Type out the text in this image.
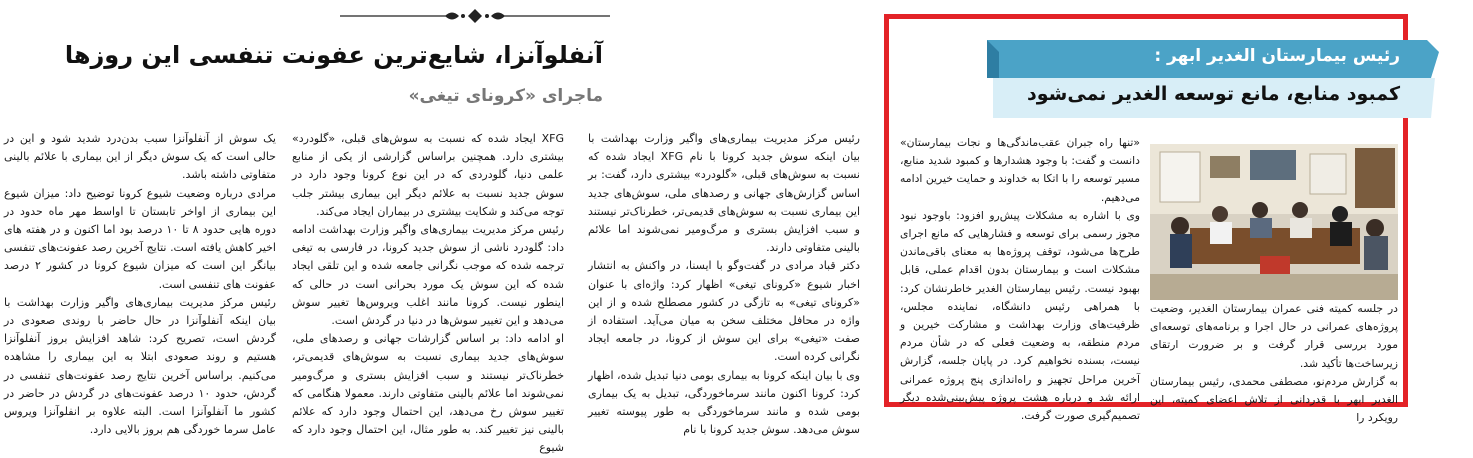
آنفلوآنزا، شایع‌ترین عفونت تنفسی این روزها
ماجرای «کرونای تیغی»

رئیس مرکز مدیریت بیماری‌های واگیر وزارت بهداشت با بیان اینکه سوش جدید کرونا با نام XFG ایجاد شده که نسبت به سوش‌های قبلی، «گلودرد» بیشتری دارد، گفت: بر اساس گزارش‌های جهانی و رصدهای ملی، سوش‌های جدید این بیماری نسبت به سوش‌های قدیمی‌تر، خطرناک‌تر نیستند و سبب افزایش بستری و مرگ‌ومیر نمی‌شوند اما علائم بالینی متفاوتی دارند.

دکتر قباد مرادی در گفت‌وگو با ایسنا، در واکنش به انتشار اخبار شیوع «کرونای تیغی» اظهار کرد: واژه‌ای با عنوان «کرونای تیغی» به تازگی در کشور مصطلح شده و از این واژه در محافل مختلف سخن به میان می‌آید. استفاده از صفت «تیغی» برای این سوش از کرونا، در جامعه ایجاد نگرانی کرده است.

وی با بیان اینکه کرونا به بیماری بومی دنیا تبدیل شده، اظهار کرد: کرونا اکنون مانند سرماخوردگی، تبدیل به یک بیماری بومی شده و مانند سرماخوردگی به طور پیوسته تغییر سوش می‌دهد. سوش جدید کرونا با نام

XFG ایجاد شده که نسبت به سوش‌های قبلی، «گلودرد» بیشتری دارد. همچنین براساس گزارشی از یکی از منابع علمی دنیا، گلودردی که در این نوع کرونا وجود دارد در سوش جدید نسبت به علائم دیگر این بیماری بیشتر جلب توجه می‌کند و شکایت بیشتری در بیماران ایجاد می‌کند.

رئیس مرکز مدیریت بیماری‌های واگیر وزارت بهداشت ادامه داد: گلودرد ناشی از سوش جدید کرونا، در فارسی به تیغی ترجمه شده که موجب نگرانی جامعه شده و این تلقی ایجاد شده که این سوش یک مورد بحرانی است در حالی که اینطور نیست. کرونا مانند اغلب ویروس‌ها تغییر سوش می‌دهد و این تغییر سوش‌ها در دنیا در گردش است.

او ادامه داد: بر اساس گزارشات جهانی و رصدهای ملی، سوش‌های جدید بیماری نسبت به سوش‌های قدیمی‌تر، خطرناک‌تر نیستند و سبب افزایش بستری و مرگ‌ومیر نمی‌شوند اما علائم بالینی متفاوتی دارند. معمولا هنگامی که تغییر سوش رخ می‌دهد، این احتمال وجود دارد که علائم بالینی نیز تغییر کند. به طور مثال، این احتمال وجود دارد که شیوع

یک سوش از آنفلوآنزا سبب بدن‌درد شدید شود و این در حالی است که یک سوش دیگر از این بیماری با علائم بالینی متفاوتی داشته باشد.

مرادی درباره وضعیت شیوع کرونا توضیح داد: میزان شیوع این بیماری از اواخر تابستان تا اواسط مهر ماه حدود در دوره هایی حدود ۸ تا ۱۰ درصد بود اما اکنون و در هفته های اخیر کاهش یافته است. نتایج آخرین رصد عفونت‌های تنفسی بیانگر این است که میزان شیوع کرونا در کشور ۲ درصد عفونت های تنفسی است.

رئیس مرکز مدیریت بیماری‌های واگیر وزارت بهداشت با بیان اینکه آنفلوآنزا در حال حاضر با روندی صعودی در گردش است، تصریح کرد: شاهد افزایش بروز آنفلوآنزا هستیم و روند صعودی ابتلا به این بیماری را مشاهده می‌کنیم. براساس آخرین نتایج رصد عفونت‌های تنفسی در گردش، حدود ۱۰ درصد عفونت‌های در گردش در حاضر در کشور ما آنفلوآنزا است. البته علاوه بر انفلوآنزا ویروس عامل سرما خوردگی هم بروز بالایی دارد.

رئیس بیمارستان الغدیر ابهر :
کمبود منابع، مانع توسعه الغدیر نمی‌شود

«تنها راه جبران عقب‌ماندگی‌ها و نجات بیمارستان» دانست و گفت: با وجود هشدارها و کمبود شدید منابع، مسیر توسعه را با اتکا به خداوند و حمایت خیرین ادامه می‌دهیم.

وی با اشاره به مشکلات پیش‌رو افزود: باوجود نبود مجوز رسمی برای توسعه و فشارهایی که مانع اجرای طرح‌ها می‌شود، توقف پروژه‌ها به معنای باقی‌ماندن مشکلات است و بیمارستان بدون اقدام عملی، قابل بهبود نیست. رئیس بیمارستان الغدیر خاطرنشان کرد: با همراهی رئیس دانشگاه، نماینده مجلس، ظرفیت‌های وزارت بهداشت و مشارکت خیرین و مردم منطقه، به وضعیت فعلی که در شأن مردم نیست، بسنده نخواهیم کرد. در پایان جلسه، گزارش آخرین مراحل تجهیز و راه‌اندازی پنج پروژه عمرانی ارائه شد و درباره هشت پروژه پیش‌بینی‌شده دیگر تصمیم‌گیری صورت گرفت.

در جلسه کمیته فنی عمران بیمارستان الغدیر، وضعیت پروژه‌های عمرانی در حال اجرا و برنامه‌های توسعه‌ای مورد بررسی قرار گرفت و بر ضرورت ارتقای زیرساخت‌ها تأکید شد.

به گزارش مردم‌نو، مصطفی محمدی، رئیس بیمارستان الغدیر ابهر با قدردانی از تلاش اعضای کمیته، این رویکرد را
